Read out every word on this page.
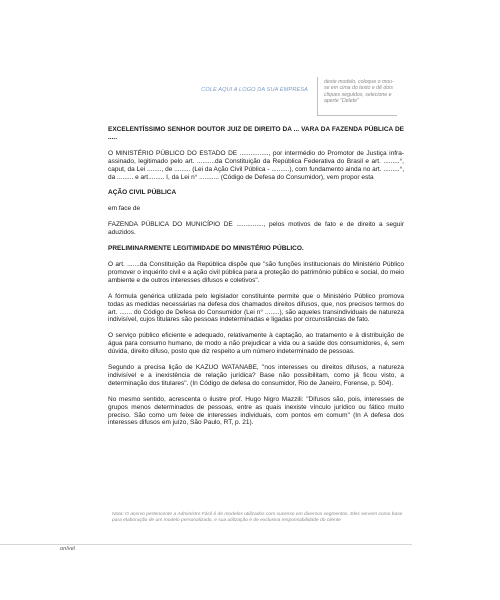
COLE AQUI A LOGO DA SUA EMPRESA

deste modelo, coloque o mou-

se em cima do texto e dê dois

cliques seguidos, selecione e

aperte "Delete"

EXCELENTÍSSIMO SENHOR DOUTOR JUIZ DE DIREITO DA ... VARA DA FAZENDA PÚBLICA DE .....

O MINISTÉRIO PÚBLICO DO ESTADO DE ................, por intermédio do Promotor de Justiça infra-assinado, legitimado pelo art. ..........da Constituição da República Federativa do Brasil e art. .........°, caput, da Lei ........, de ......... (Lei da Ação Civil Pública - ..........), com fundamento ainda no art. .........°, da ......... e art......... I, da Lei n° ........... (Código de Defesa do Consumidor), vem propor esta

AÇÃO CIVIL PÚBLICA

em face de

FAZENDA PÚBLICA DO MUNICÍPIO DE ..............., pelos motivos de fato e de direito a seguir aduzidos.

PRELIMINARMENTE LEGITIMIDADE DO MINISTÉRIO PÚBLICO.

O art. .......da Constituição da República dispõe que "são funções institucionais do Ministério Público promover o inquérito civil e a ação civil pública para a proteção do patrimônio público e social, do meio ambiente e de outros interesses difusos e coletivos".

A fórmula genérica utilizada pelo legislador constituinte permite que o Ministério Público promova todas as medidas necessárias na defesa dos chamados direitos difusos, que, nos precisos termos do art. ....... do Código de Defesa do Consumidor (Lei n° ........), são aqueles transindividuais de natureza indivisível, cujos titulares são pessoas indeterminadas e ligadas por circunstâncias de fato.

O serviço público eficiente e adequado, relativamente à captação, ao tratamento e à distribuição de água para consumo humano, de modo a não prejudicar a vida ou a saúde dos consumidores, é, sem dúvida, direito difuso, posto que diz respeito a um número indeterminado de pessoas.

Segundo a precisa lição de KAZUO WATANABE, "nos interesses ou direitos difusos, a natureza indivisível e a inexistência de relação jurídica? Base não possibilitam, como já ficou visto, a determinação dos titulares". (In Código de defesa do consumidor, Rio de Janeiro, Forense, p. 504).

No mesmo sentido, acrescenta o ilustre prof. Hugo Nigro Mazzili: "Difusos são, pois, interesses de grupos menos determinados de pessoas, entre as quais inexiste vínculo jurídico ou fático muito preciso. São como um feixe de interesses individuais, com pontos em comum" (In A defesa dos interesses difusos em juízo, São Paulo, RT, p. 21).

Nota: O acervo pertencente a Administre Fácil é de modelos utilizados com sucesso em diversos segmentos. Eles servem como base para elaboração de um modelo personalizado, e sua utilização é de exclusiva responsabilidade do cliente
onível
